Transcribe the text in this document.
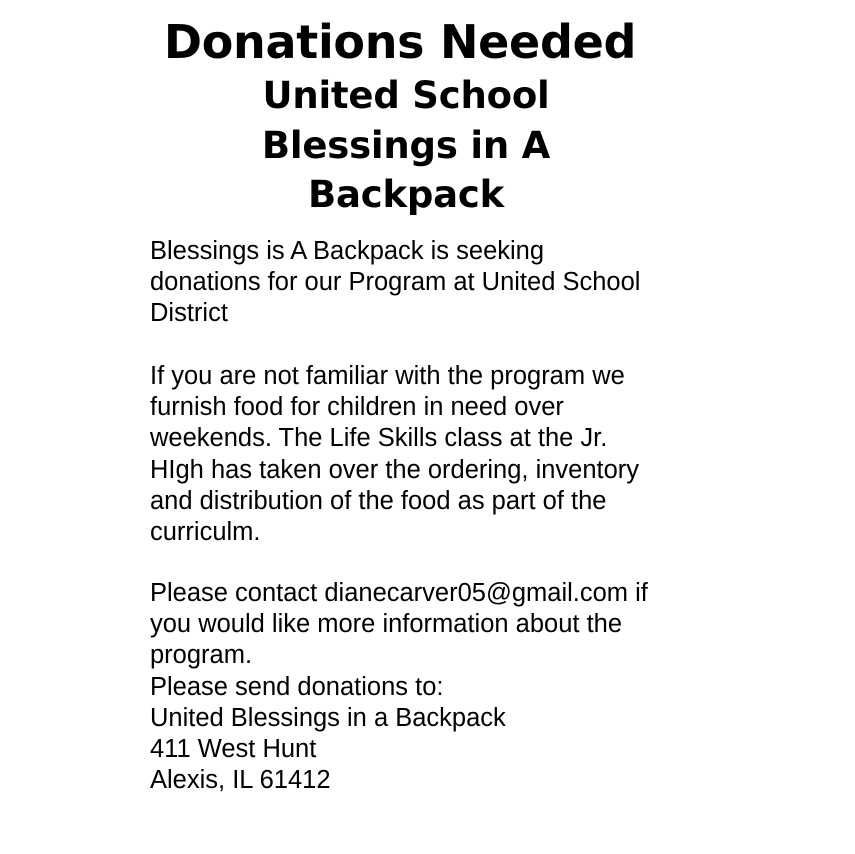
Donations Needed
United School
Blessings in A
Backpack
Blessings is A Backpack is seeking
donations for our Program at United School
District
If you are not familiar with the program we
furnish food for children in need over
weekends. The Life Skills class at the Jr.
HIgh has taken over the ordering, inventory
and distribution of the food as part of the
curriculm.
Please contact dianecarver05@gmail.com if
you would like more information about the
program.
Please send donations to:
United Blessings in a Backpack
411 West Hunt
Alexis, IL 61412
